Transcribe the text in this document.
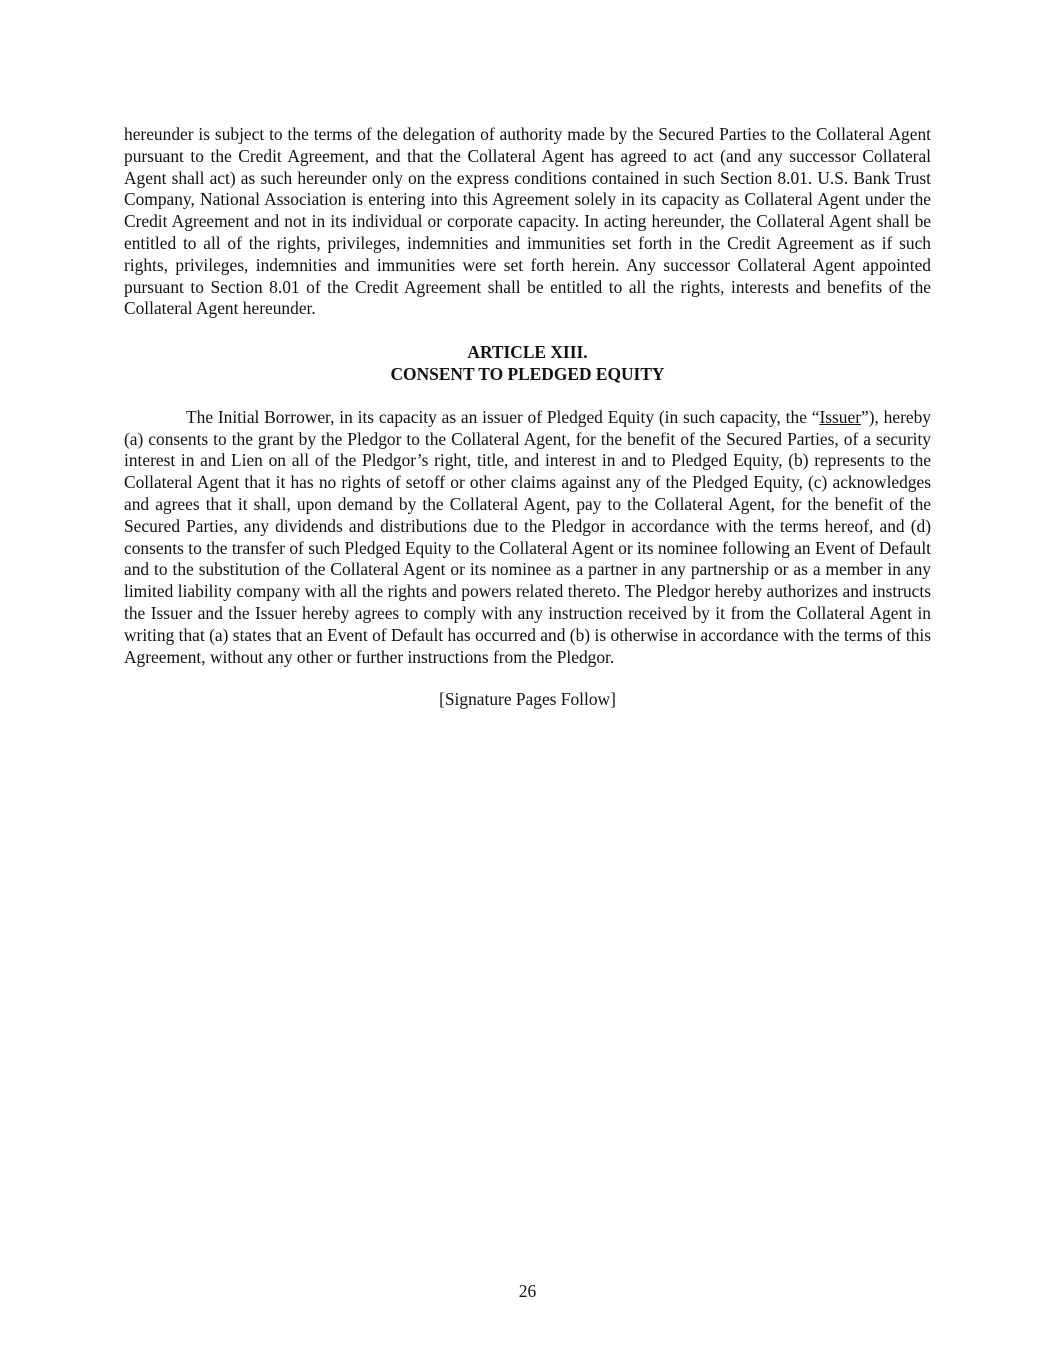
hereunder is subject to the terms of the delegation of authority made by the Secured Parties to the Collateral Agent pursuant to the Credit Agreement, and that the Collateral Agent has agreed to act (and any successor Collateral Agent shall act) as such hereunder only on the express conditions contained in such Section 8.01. U.S. Bank Trust Company, National Association is entering into this Agreement solely in its capacity as Collateral Agent under the Credit Agreement and not in its individual or corporate capacity. In acting hereunder, the Collateral Agent shall be entitled to all of the rights, privileges, indemnities and immunities set forth in the Credit Agreement as if such rights, privileges, indemnities and immunities were set forth herein. Any successor Collateral Agent appointed pursuant to Section 8.01 of the Credit Agreement shall be entitled to all the rights, interests and benefits of the Collateral Agent hereunder.

ARTICLE XIII.
CONSENT TO PLEDGED EQUITY

The Initial Borrower, in its capacity as an issuer of Pledged Equity (in such capacity, the “Issuer”), hereby (a) consents to the grant by the Pledgor to the Collateral Agent, for the benefit of the Secured Parties, of a security interest in and Lien on all of the Pledgor’s right, title, and interest in and to Pledged Equity, (b) represents to the Collateral Agent that it has no rights of setoff or other claims against any of the Pledged Equity, (c) acknowledges and agrees that it shall, upon demand by the Collateral Agent, pay to the Collateral Agent, for the benefit of the Secured Parties, any dividends and distributions due to the Pledgor in accordance with the terms hereof, and (d) consents to the transfer of such Pledged Equity to the Collateral Agent or its nominee following an Event of Default and to the substitution of the Collateral Agent or its nominee as a partner in any partnership or as a member in any limited liability company with all the rights and powers related thereto. The Pledgor hereby authorizes and instructs the Issuer and the Issuer hereby agrees to comply with any instruction received by it from the Collateral Agent in writing that (a) states that an Event of Default has occurred and (b) is otherwise in accordance with the terms of this Agreement, without any other or further instructions from the Pledgor.

[Signature Pages Follow]
26
